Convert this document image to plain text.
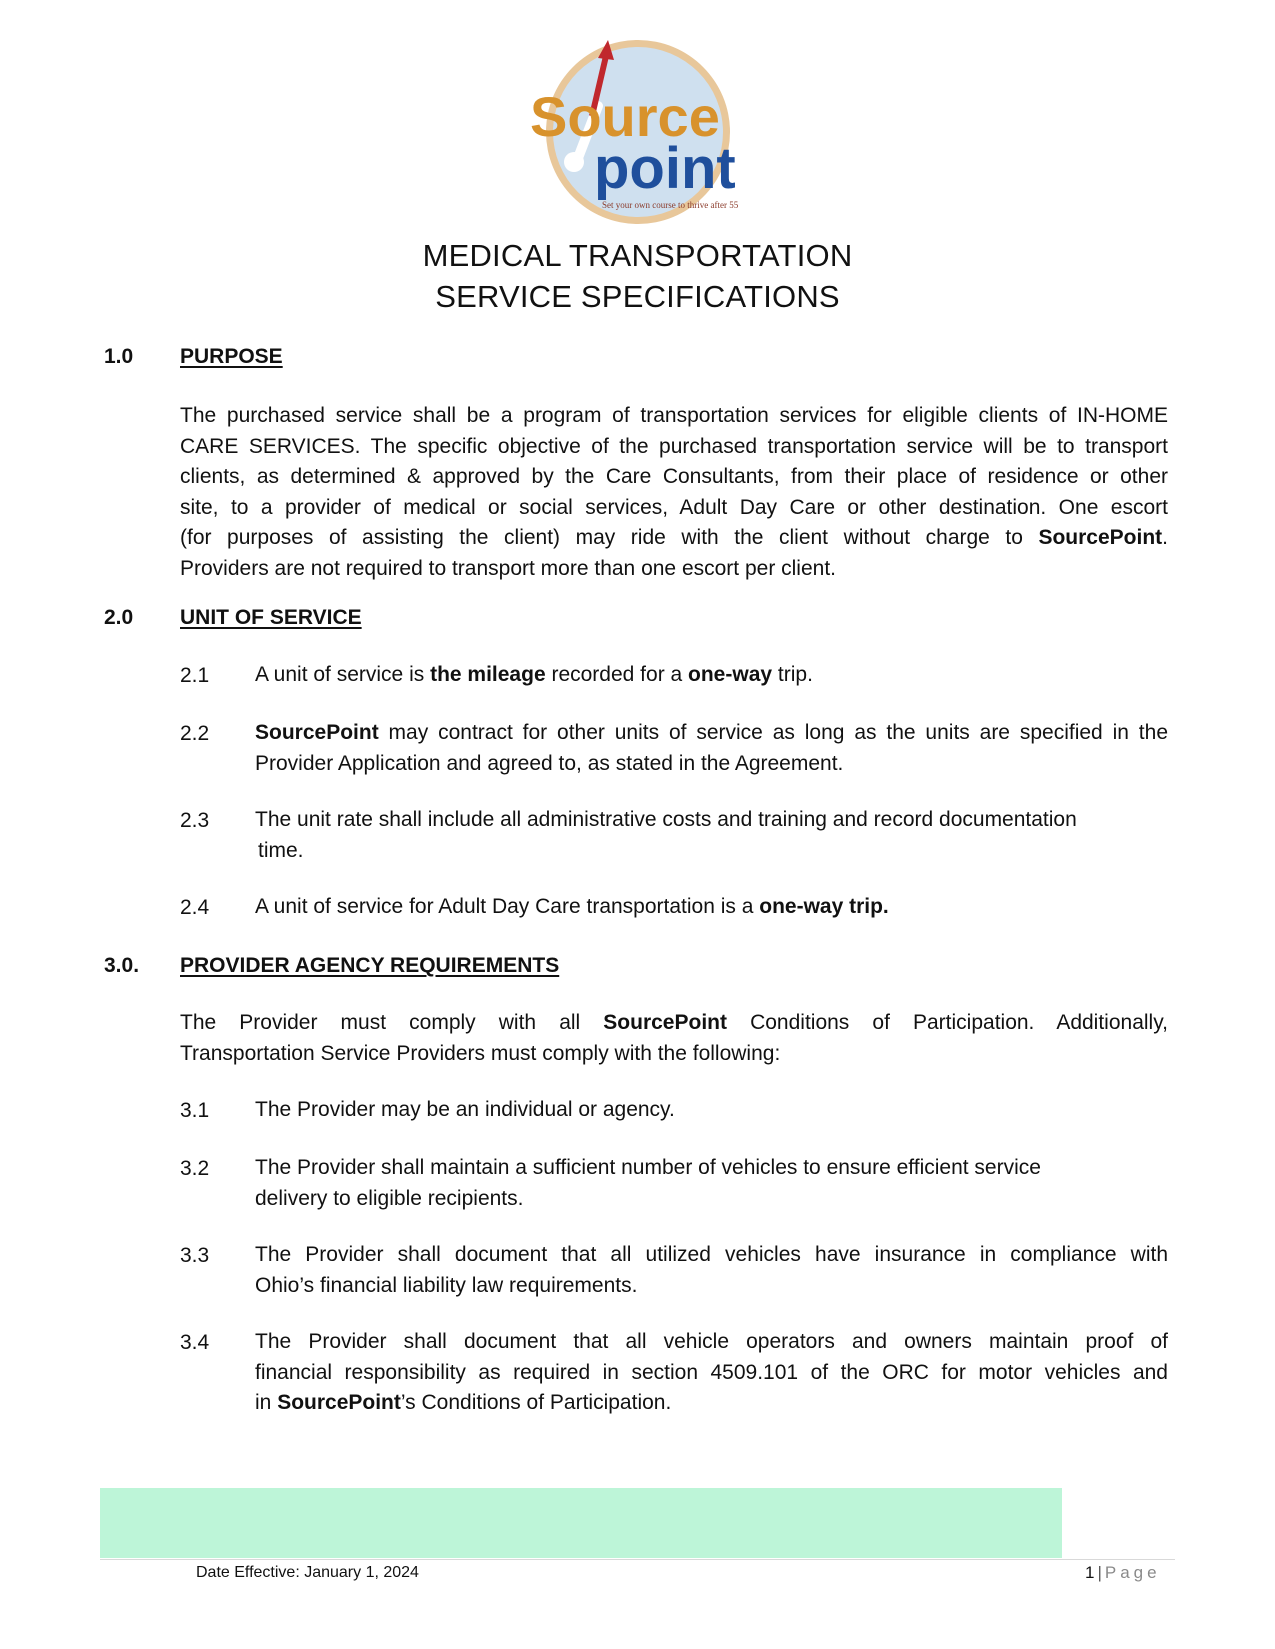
Source
point
Set your own course to thrive after 55
MEDICAL TRANSPORTATION
SERVICE SPECIFICATIONS
1.0 PURPOSE
The purchased service shall be a program of transportation services for eligible clients of IN-HOME
CARE SERVICES. The specific objective of the purchased transportation service will be to transport
clients, as determined & approved by the Care Consultants, from their place of residence or other
site, to a provider of medical or social services, Adult Day Care or other destination. One escort
(for purposes of assisting the client) may ride with the client without charge to SourcePoint.
Providers are not required to transport more than one escort per client.
2.0 UNIT OF SERVICE
2.1 A unit of service is the mileage recorded for a one-way trip.
2.2 SourcePoint may contract for other units of service as long as the units are specified in the
Provider Application and agreed to, as stated in the Agreement.
2.3 The unit rate shall include all administrative costs and training and record documentation
time.
2.4 A unit of service for Adult Day Care transportation is a one-way trip.
3.0. PROVIDER AGENCY REQUIREMENTS
The Provider must comply with all SourcePoint Conditions of Participation. Additionally,
Transportation Service Providers must comply with the following:
3.1 The Provider may be an individual or agency.
3.2 The Provider shall maintain a sufficient number of vehicles to ensure efficient service
delivery to eligible recipients.
3.3 The Provider shall document that all utilized vehicles have insurance in compliance with
Ohio’s financial liability law requirements.
3.4 The Provider shall document that all vehicle operators and owners maintain proof of
financial responsibility as required in section 4509.101 of the ORC for motor vehicles and
in SourcePoint’s Conditions of Participation.
Date Effective: January 1, 2024	1 | Page
